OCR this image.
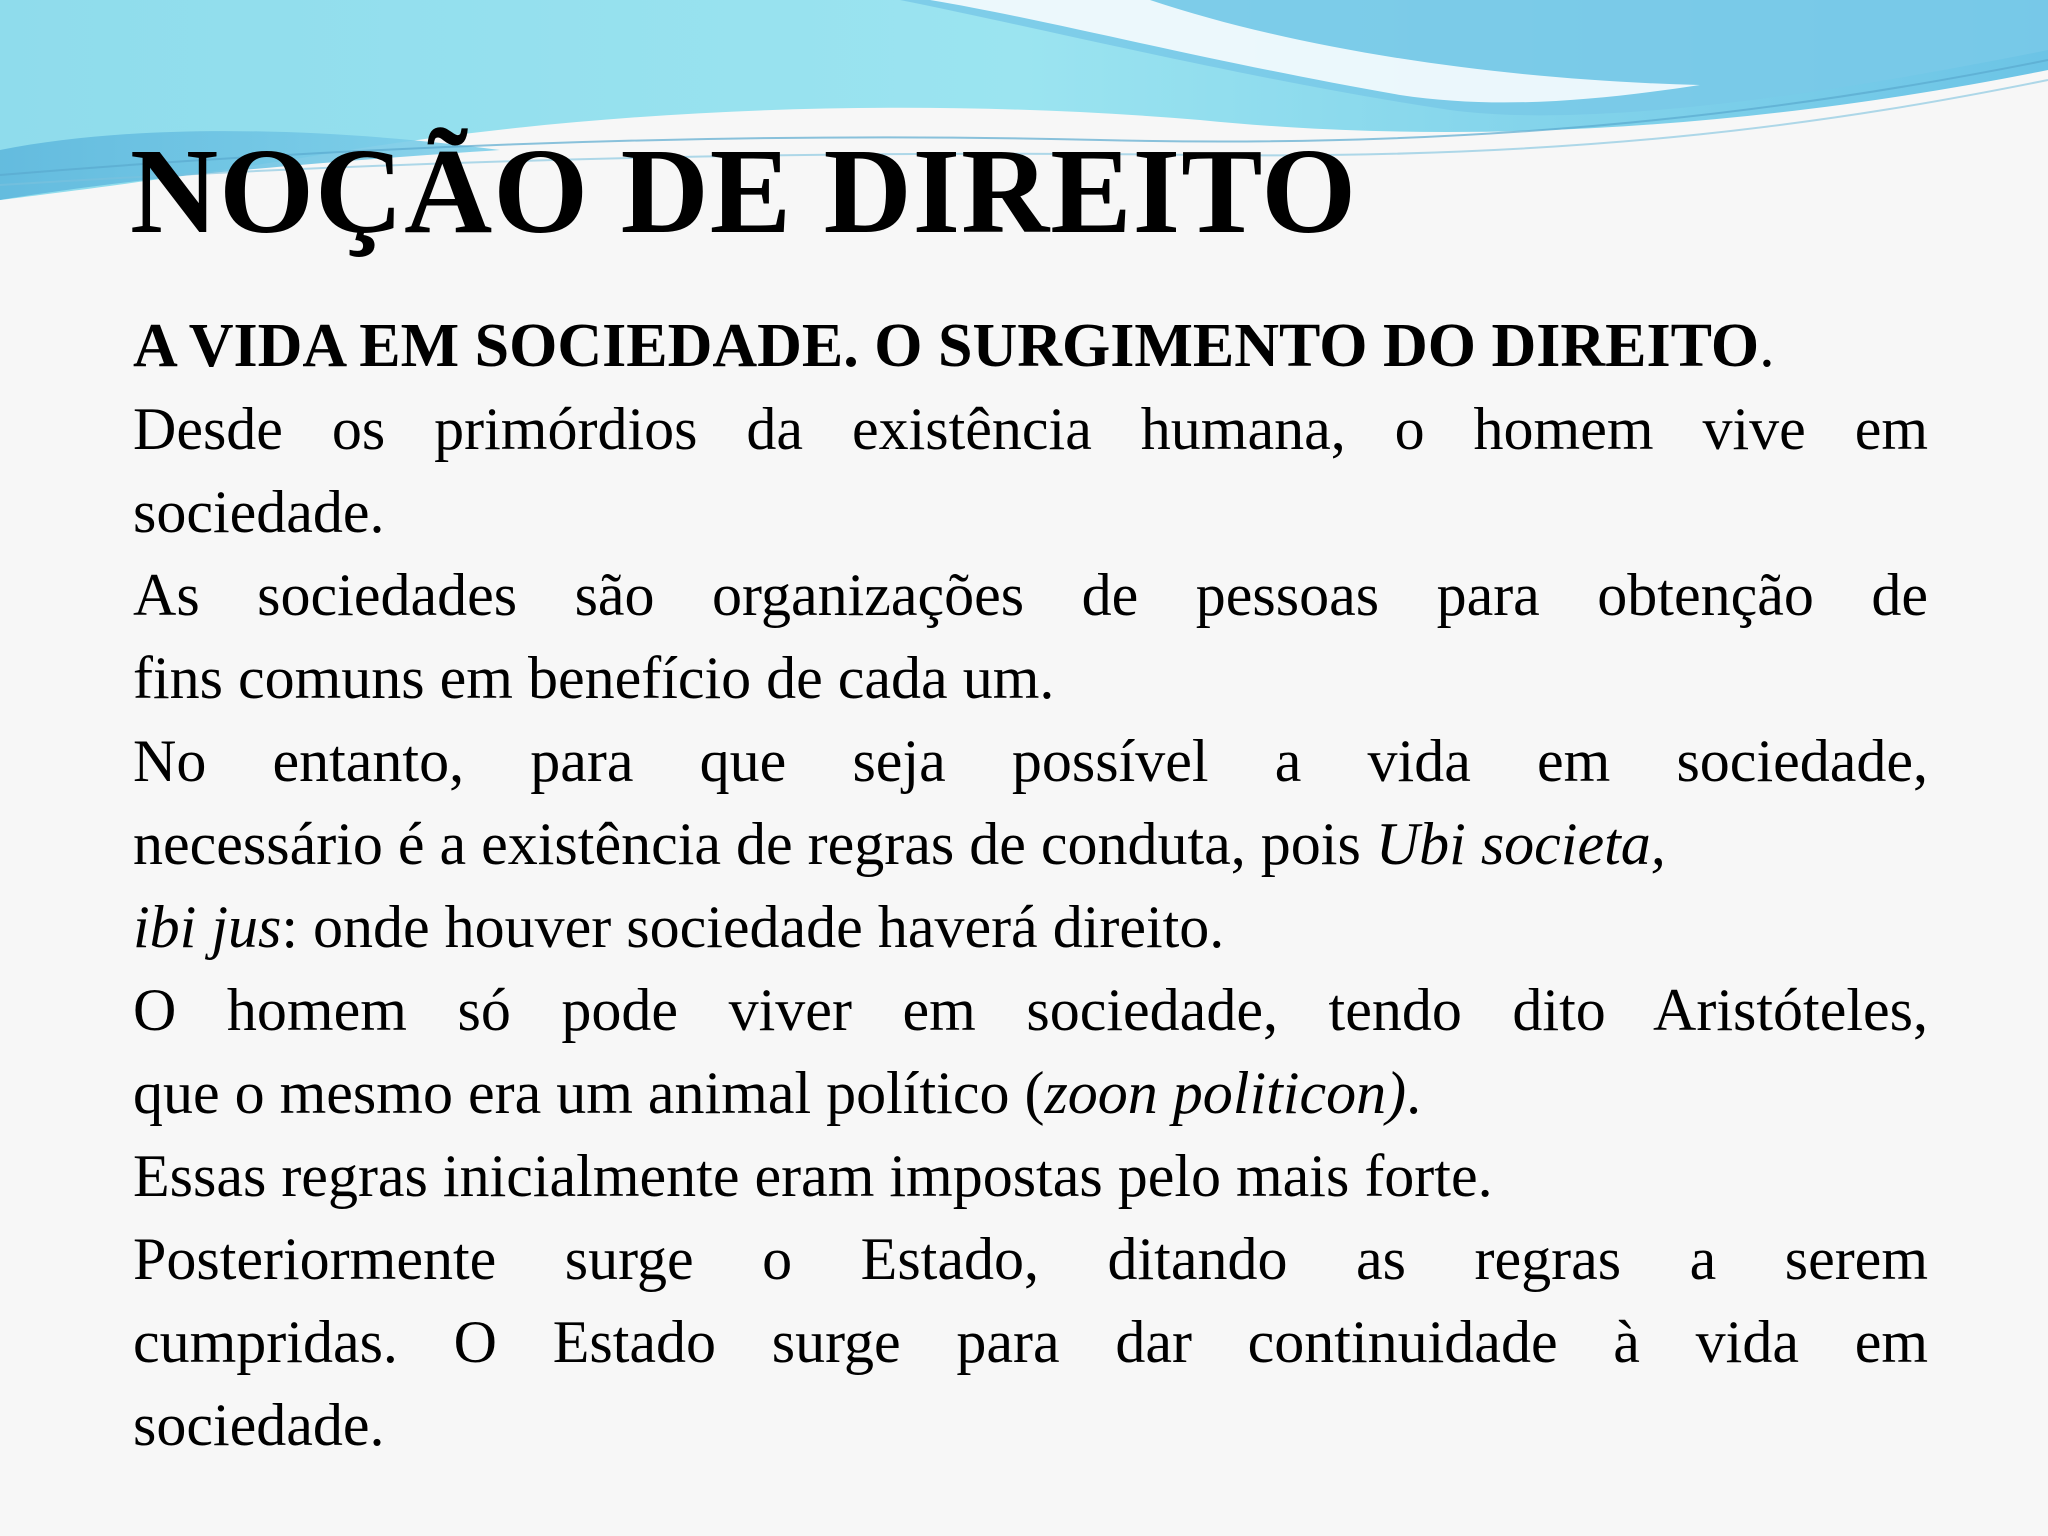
NOÇÃO DE DIREITO

A VIDA EM SOCIEDADE. O SURGIMENTO DO DIREITO.

Desde os primórdios da existência humana, o homem vive em
sociedade.

As sociedades são organizações de pessoas para obtenção de
fins comuns em benefício de cada um.

No entanto, para que seja possível a vida em sociedade,
necessário é a existência de regras de conduta, pois Ubi societa,
ibi jus: onde houver sociedade haverá direito.

O homem só pode viver em sociedade, tendo dito Aristóteles,
que o mesmo era um animal político (zoon politicon).

Essas regras inicialmente eram impostas pelo mais forte.

Posteriormente surge o Estado, ditando as regras a serem
cumpridas. O Estado surge para dar continuidade à vida em
sociedade.
